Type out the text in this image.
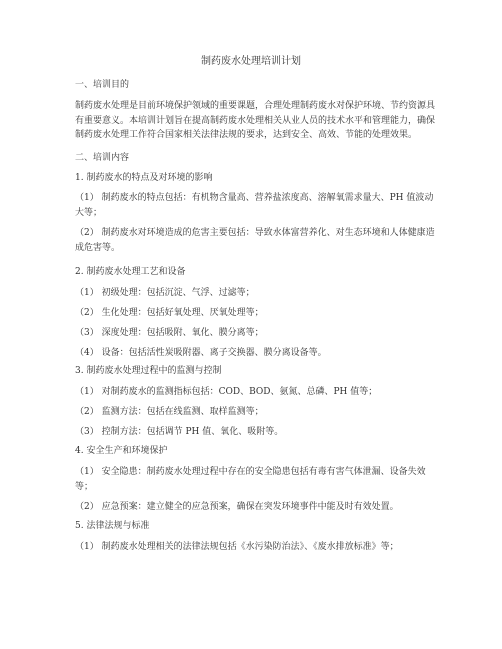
制药废水处理培训计划
一、培训目的
制药废水处理是目前环境保护领域的重要课题，合理处理制药废水对保护环境、节约资源具有重要意义。本培训计划旨在提高制药废水处理相关从业人员的技术水平和管理能力，确保制药废水处理工作符合国家相关法律法规的要求，达到安全、高效、节能的处理效果。
二、培训内容
1. 制药废水的特点及对环境的影响
（1） 制药废水的特点包括：有机物含量高、营养盐浓度高、溶解氧需求量大、PH 值波动大等；
（2） 制药废水对环境造成的危害主要包括：导致水体富营养化、对生态环境和人体健康造成危害等。
2. 制药废水处理工艺和设备
（1） 初级处理：包括沉淀、气浮、过滤等；
（2） 生化处理：包括好氧处理、厌氧处理等；
（3） 深度处理：包括吸附、氧化、膜分离等；
（4） 设备：包括活性炭吸附器、离子交换器、膜分离设备等。
3. 制药废水处理过程中的监测与控制
（1） 对制药废水的监测指标包括：COD、BOD、氨氮、总磷、PH 值等；
（2） 监测方法：包括在线监测、取样监测等；
（3） 控制方法：包括调节 PH 值、氧化、吸附等。
4. 安全生产和环境保护
（1） 安全隐患：制药废水处理过程中存在的安全隐患包括有毒有害气体泄漏、设备失效等；
（2） 应急预案：建立健全的应急预案，确保在突发环境事件中能及时有效处置。
5. 法律法规与标准
（1） 制药废水处理相关的法律法规包括《水污染防治法》、《废水排放标准》等；
